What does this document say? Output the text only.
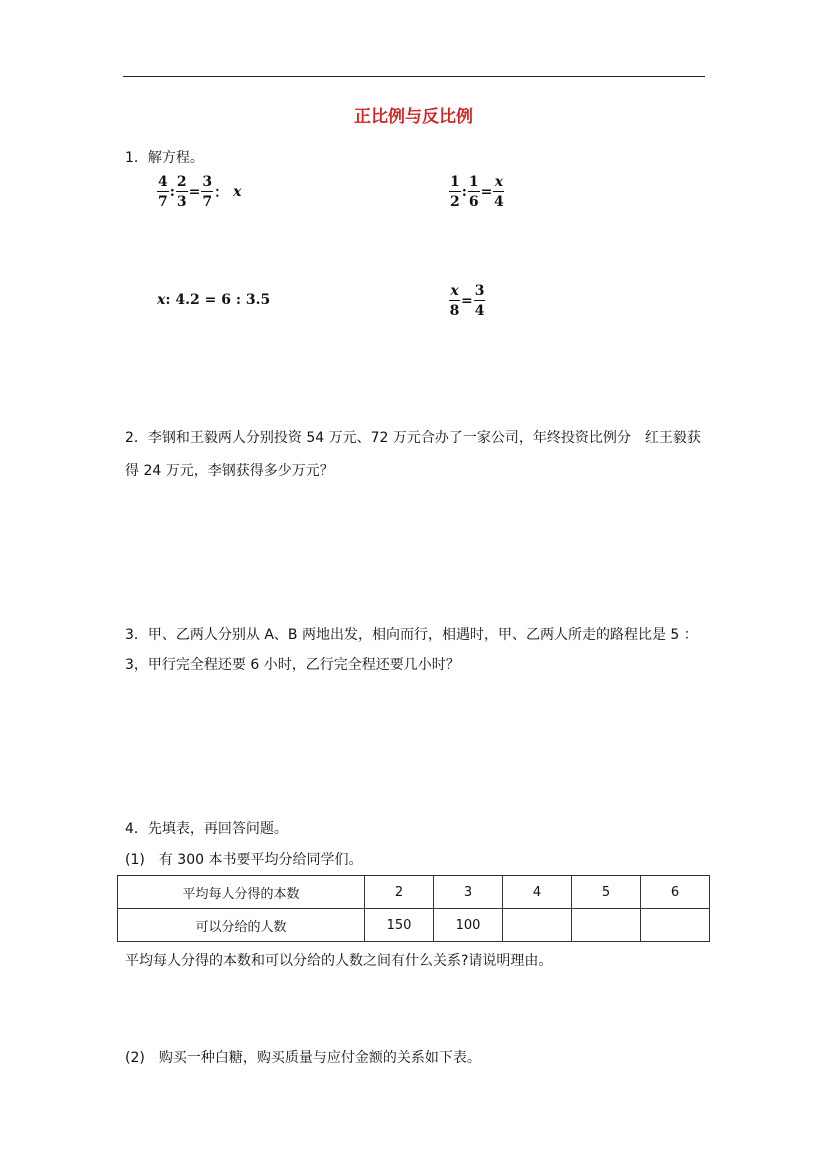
正比例与反比例
1．解方程。
$\frac{4}{7}$ : $\frac{2}{3} = \frac{3}{7}$ ： x	$\frac{1}{2}$ : $\frac{1}{6} = \frac{x}{4}$
x : 4.2 = 6 : 3.5	$\frac{x}{8} = \frac{3}{4}$
2．李钢和王毅两人分别投资 54 万元、72 万元合办了一家公司，年终投资比例分　红王毅获
得 24 万元，李钢获得多少万元？
3．甲、乙两人分别从 A、B 两地出发，相向而行，相遇时，甲、乙两人所走的路程比是 5 ：
3，甲行完全程还要 6 小时，乙行完全程还要几小时？
4．先填表，再回答问题。
(1)　有 300 本书要平均分给同学们。
平均每人分得的本数	2	3	4	5	6
可以分给的人数	150	100			
平均每人分得的本数和可以分给的人数之间有什么关系?请说明理由。
(2)　购买一种白糖，购买质量与应付金额的关系如下表。
